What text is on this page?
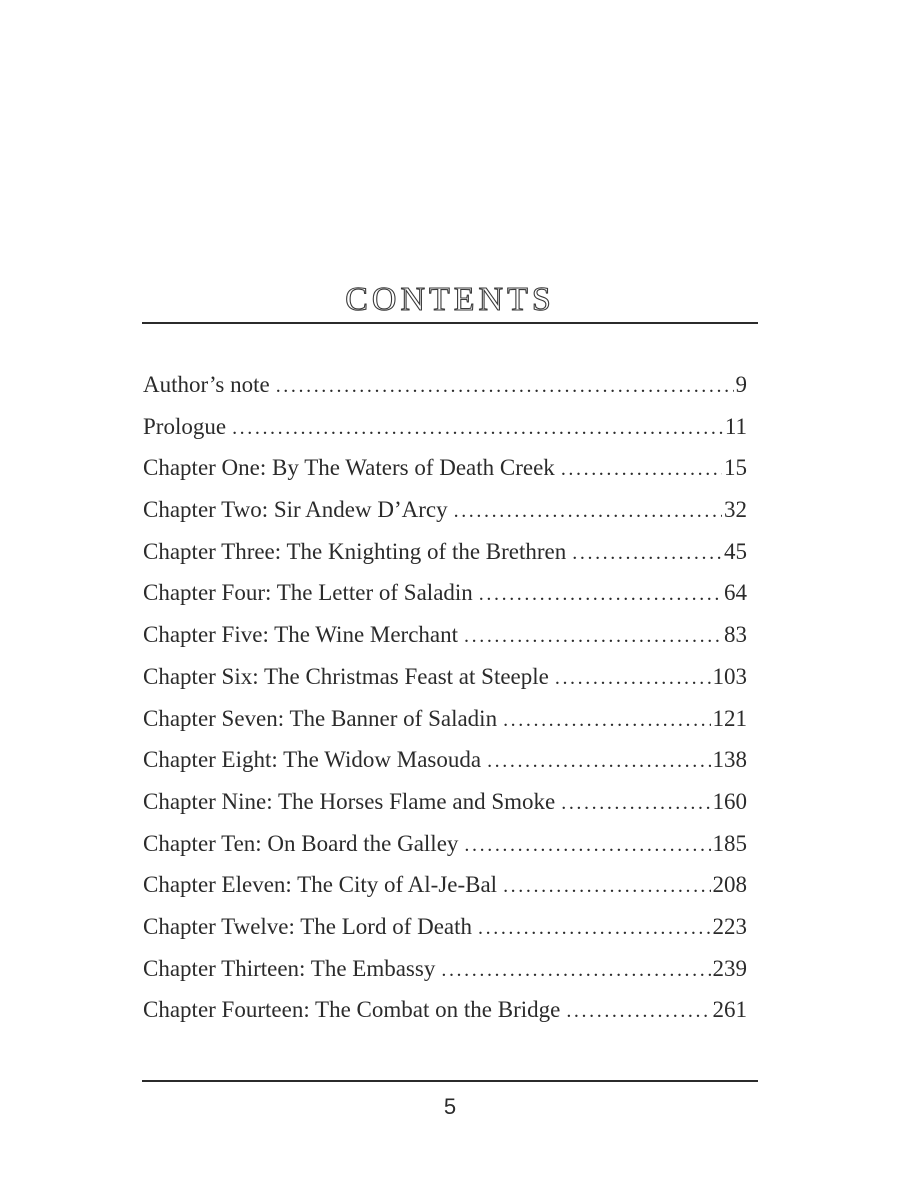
CONTENTS
Author’s note .....	9
Prologue .....	11
Chapter One: By The Waters of Death Creek .....	15
Chapter Two: Sir Andew D’Arcy .....	32
Chapter Three: The Knighting of the Brethren .....	45
Chapter Four: The Letter of Saladin .....	64
Chapter Five: The Wine Merchant .....	83
Chapter Six: The Christmas Feast at Steeple .....	103
Chapter Seven: The Banner of Saladin .....	121
Chapter Eight: The Widow Masouda .....	138
Chapter Nine: The Horses Flame and Smoke .....	160
Chapter Ten: On Board the Galley .....	185
Chapter Eleven: The City of Al-Je-Bal .....	208
Chapter Twelve: The Lord of Death .....	223
Chapter Thirteen: The Embassy .....	239
Chapter Fourteen: The Combat on the Bridge .....	261
5
